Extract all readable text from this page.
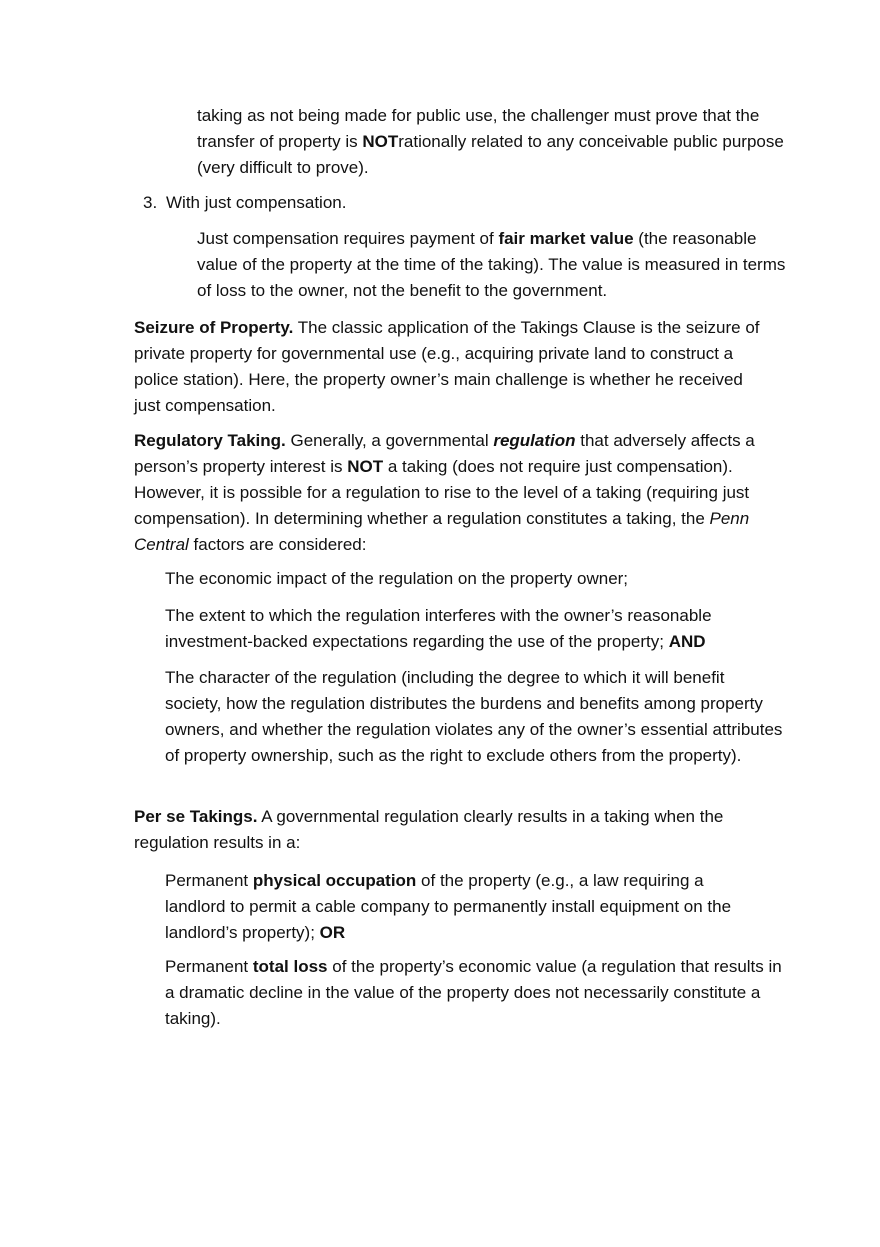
taking as not being made for public use, the challenger must prove that the transfer of property is NOTrationally related to any conceivable public purpose (very difficult to prove).

3. With just compensation.

Just compensation requires payment of fair market value (the reasonable value of the property at the time of the taking). The value is measured in terms of loss to the owner, not the benefit to the government.

Seizure of Property. The classic application of the Takings Clause is the seizure of private property for governmental use (e.g., acquiring private land to construct a police station). Here, the property owner’s main challenge is whether he received just compensation.

Regulatory Taking. Generally, a governmental regulation that adversely affects a person’s property interest is NOT a taking (does not require just compensation). However, it is possible for a regulation to rise to the level of a taking (requiring just compensation). In determining whether a regulation constitutes a taking, the Penn Central factors are considered:

The economic impact of the regulation on the property owner;

The extent to which the regulation interferes with the owner’s reasonable investment-backed expectations regarding the use of the property; AND

The character of the regulation (including the degree to which it will benefit society, how the regulation distributes the burdens and benefits among property owners, and whether the regulation violates any of the owner’s essential attributes of property ownership, such as the right to exclude others from the property).

Per se Takings. A governmental regulation clearly results in a taking when the regulation results in a:

Permanent physical occupation of the property (e.g., a law requiring a landlord to permit a cable company to permanently install equipment on the landlord’s property); OR

Permanent total loss of the property’s economic value (a regulation that results in a dramatic decline in the value of the property does not necessarily constitute a taking).
